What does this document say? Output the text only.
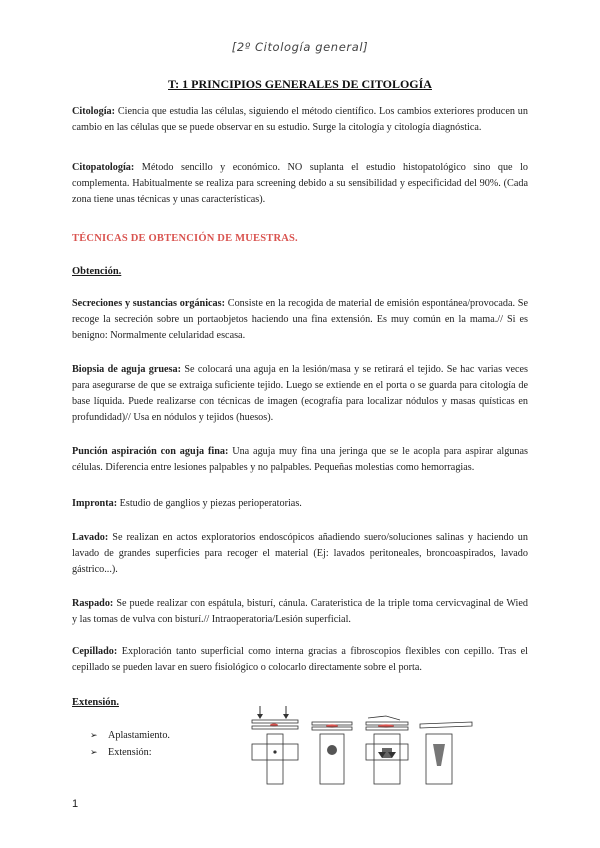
[2º Citología general]
T: 1 PRINCIPIOS GENERALES DE CITOLOGÍA

Citología: Ciencia que estudia las células, siguiendo el método científico. Los cambios exteriores producen un cambio en las células que se puede observar en su estudio. Surge la citología y citología diagnóstica.

Citopatología: Método sencillo y económico. NO suplanta el estudio histopatológico sino que lo complementa. Habitualmente se realiza para screening debido a su sensibilidad y especificidad del 90%. (Cada zona tiene unas técnicas y unas características).

TÉCNICAS DE OBTENCIÓN DE MUESTRAS.
Obtención.

Secreciones y sustancias orgánicas: Consiste en la recogida de material de emisión espontánea/provocada. Se recoge la secreción sobre un portaobjetos haciendo una fina extensión. Es muy común en la mama.// Si es benigno: Normalmente celularidad escasa.

Biopsia de aguja gruesa: Se colocará una aguja en la lesión/masa y se retirará el tejido. Se hac varias veces para asegurarse de que se extraiga suficiente tejido. Luego se extiende en el porta o se guarda para citología de base líquida. Puede realizarse con técnicas de imagen (ecografía para localizar nódulos y masas quísticas en profundidad)// Usa en nódulos y tejidos (huesos).

Punción aspiración con aguja fina: Una aguja muy fina una jeringa que se le acopla para aspirar algunas células. Diferencia entre lesiones palpables y no palpables. Pequeñas molestias como hemorragias.

Impronta: Estudio de ganglios y piezas perioperatorias.

Lavado: Se realizan en actos exploratorios endoscópicos añadiendo suero/soluciones salinas y haciendo un lavado de grandes superficies para recoger el material (Ej: lavados peritoneales, broncoaspirados, lavado gástrico...).

Raspado: Se puede realizar con espátula, bisturí, cánula. Carateristica de la triple toma cervicvaginal de Wied y las tomas de vulva con bisturí.// Intraoperatoria/Lesión superficial.

Cepillado: Exploración tanto superficial como interna gracias a fibroscopios flexibles con cepillo. Tras el cepillado se pueden lavar en suero fisiológico o colocarlo directamente sobre el porta.

Extensión.
➢ Aplastamiento.
➢ Extensión:
1
